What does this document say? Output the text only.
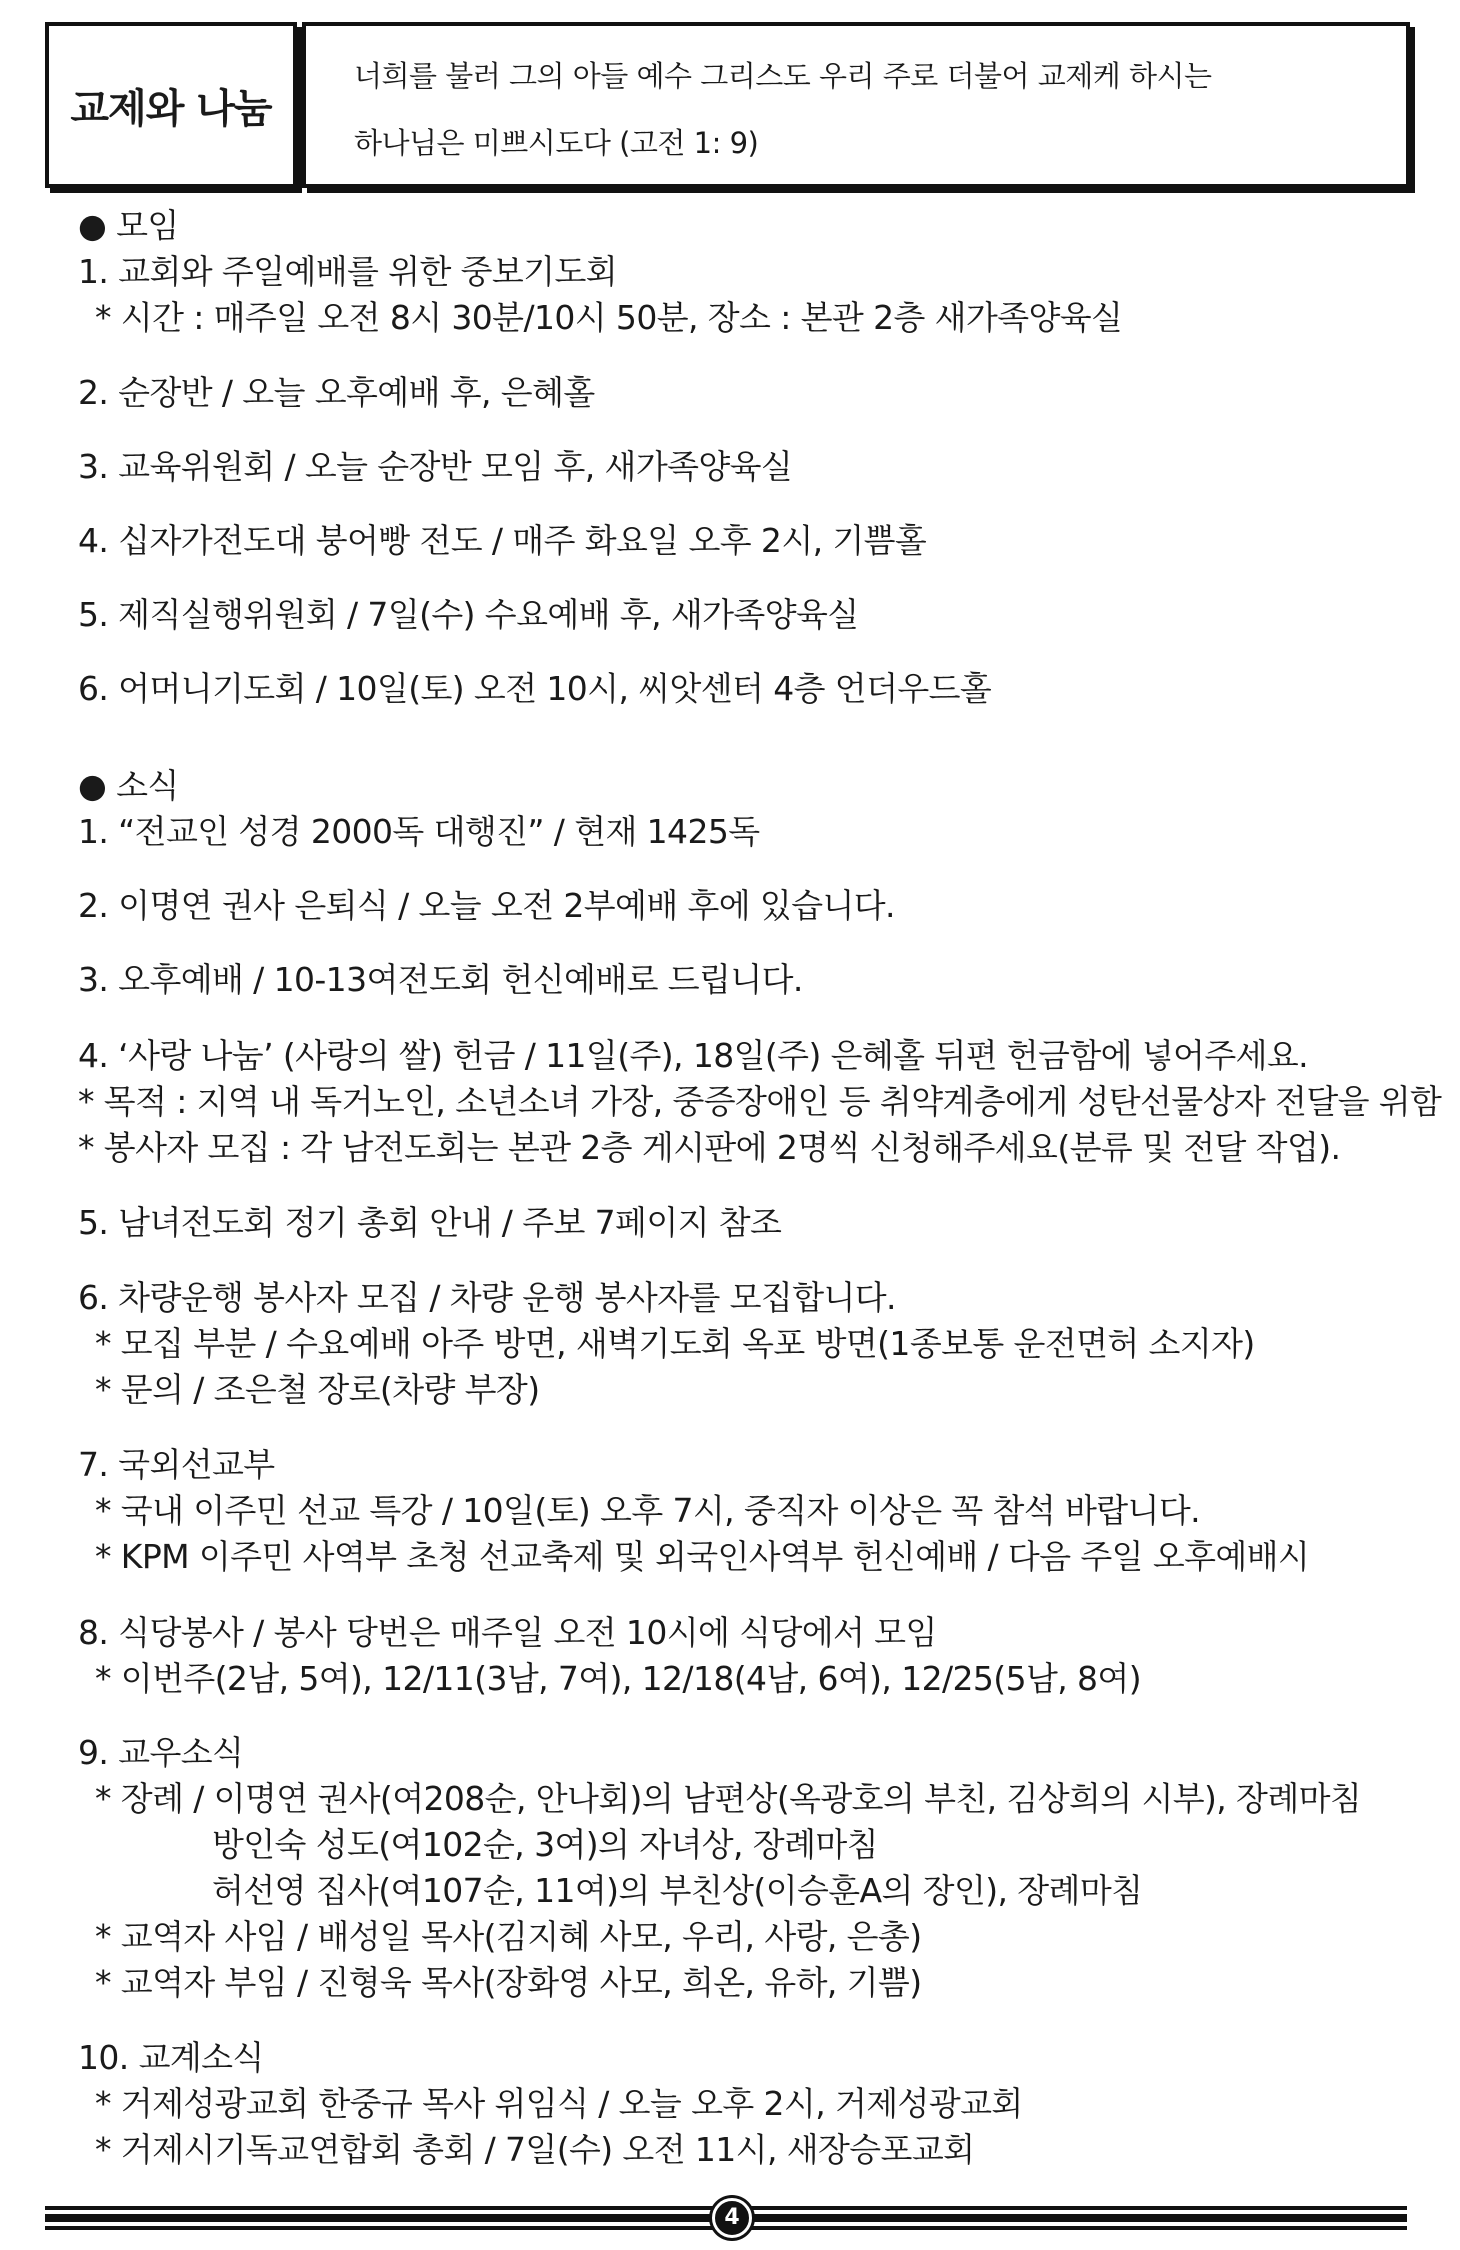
교제와 나눔
너희를 불러 그의 아들 예수 그리스도 우리 주로 더불어 교제케 하시는
하나님은 미쁘시도다 (고전 1: 9)
● 모임
1. 교회와 주일예배를 위한 중보기도회
* 시간 : 매주일 오전 8시 30분/10시 50분, 장소 : 본관 2층 새가족양육실
2. 순장반 / 오늘 오후예배 후, 은혜홀
3. 교육위원회 / 오늘 순장반 모임 후, 새가족양육실
4. 십자가전도대 붕어빵 전도 / 매주 화요일 오후 2시, 기쁨홀
5. 제직실행위원회 / 7일(수) 수요예배 후, 새가족양육실
6. 어머니기도회 / 10일(토) 오전 10시, 씨앗센터 4층 언더우드홀
● 소식
1. “전교인 성경 2000독 대행진” / 현재 1425독
2. 이명연 권사 은퇴식 / 오늘 오전 2부예배 후에 있습니다.
3. 오후예배 / 10-13여전도회 헌신예배로 드립니다.
4. ‘사랑 나눔’ (사랑의 쌀) 헌금 / 11일(주), 18일(주) 은혜홀 뒤편 헌금함에 넣어주세요.
* 목적 : 지역 내 독거노인, 소년소녀 가장, 중증장애인 등 취약계층에게 성탄선물상자 전달을 위함
* 봉사자 모집 : 각 남전도회는 본관 2층 게시판에 2명씩 신청해주세요(분류 및 전달 작업).
5. 남녀전도회 정기 총회 안내 / 주보 7페이지 참조
6. 차량운행 봉사자 모집 / 차량 운행 봉사자를 모집합니다.
* 모집 부분 / 수요예배 아주 방면, 새벽기도회 옥포 방면(1종보통 운전면허 소지자)
* 문의 / 조은철 장로(차량 부장)
7. 국외선교부
* 국내 이주민 선교 특강 / 10일(토) 오후 7시, 중직자 이상은 꼭 참석 바랍니다.
* KPM 이주민 사역부 초청 선교축제 및 외국인사역부 헌신예배 / 다음 주일 오후예배시
8. 식당봉사 / 봉사 당번은 매주일 오전 10시에 식당에서 모임
* 이번주(2남, 5여), 12/11(3남, 7여), 12/18(4남, 6여), 12/25(5남, 8여)
9. 교우소식
* 장례 / 이명연 권사(여208순, 안나회)의 남편상(옥광호의 부친, 김상희의 시부), 장례마침
방인숙 성도(여102순, 3여)의 자녀상, 장례마침
허선영 집사(여107순, 11여)의 부친상(이승훈A의 장인), 장례마침
* 교역자 사임 / 배성일 목사(김지혜 사모, 우리, 사랑, 은총)
* 교역자 부임 / 진형욱 목사(장화영 사모, 희온, 유하, 기쁨)
10. 교계소식
* 거제성광교회 한중규 목사 위임식 / 오늘 오후 2시, 거제성광교회
* 거제시기독교연합회 총회 / 7일(수) 오전 11시, 새장승포교회
4
